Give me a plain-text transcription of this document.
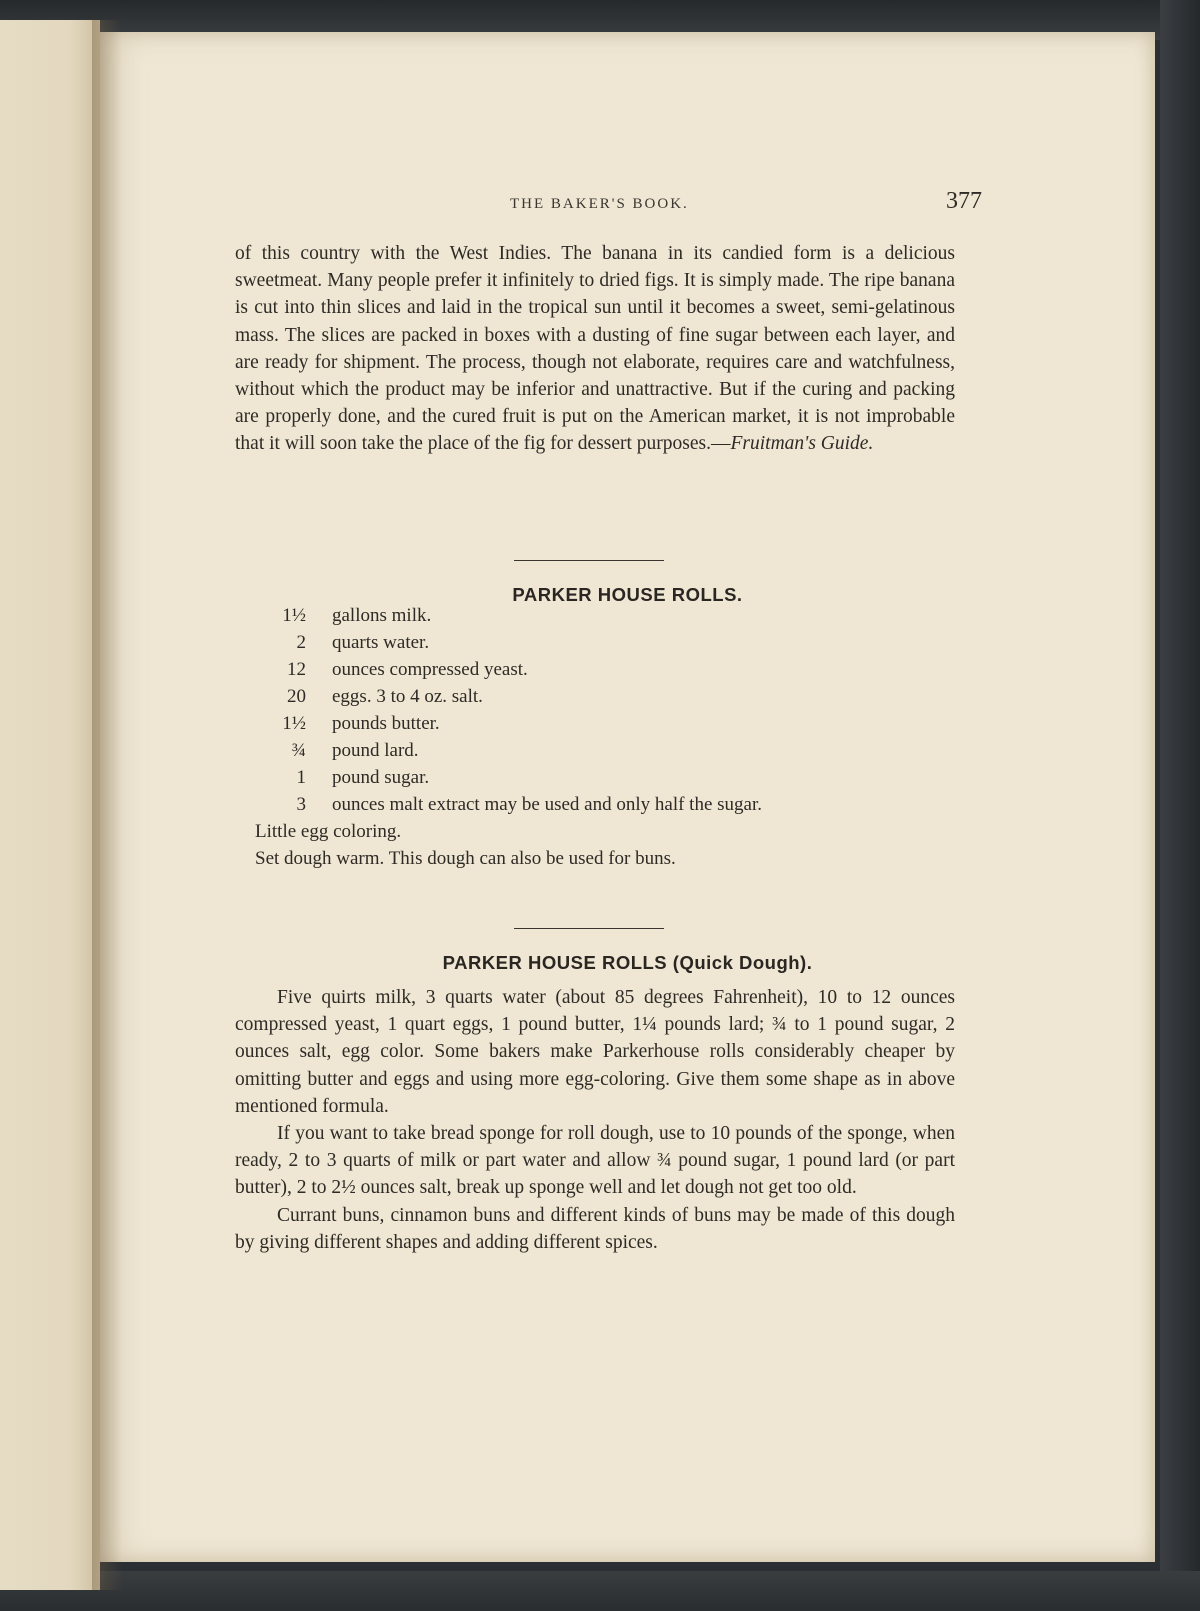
THE BAKER'S BOOK.	377

of this country with the West Indies. The banana in its candied form is a delicious sweetmeat. Many people prefer it infinitely to dried figs. It is simply made. The ripe banana is cut into thin slices and laid in the tropical sun until it becomes a sweet, semi-gelatinous mass. The slices are packed in boxes with a dusting of fine sugar between each layer, and are ready for shipment. The process, though not elaborate, requires care and watchfulness, without which the product may be inferior and unattractive. But if the curing and packing are properly done, and the cured fruit is put on the American market, it is not improbable that it will soon take the place of the fig for dessert purposes.—Fruitman's Guide.

PARKER HOUSE ROLLS.
1½ gallons milk.
2 quarts water.
12 ounces compressed yeast.
20 eggs. 3 to 4 oz. salt.
1½ pounds butter.
¾ pound lard.
1 pound sugar.
3 ounces malt extract may be used and only half the sugar.
Little egg coloring.
Set dough warm. This dough can also be used for buns.
PARKER HOUSE ROLLS (Quick Dough).

Five quirts milk, 3 quarts water (about 85 degrees Fahrenheit), 10 to 12 ounces compressed yeast, 1 quart eggs, 1 pound butter, 1¼ pounds lard; ¾ to 1 pound sugar, 2 ounces salt, egg color. Some bakers make Parkerhouse rolls considerably cheaper by omitting butter and eggs and using more egg-coloring. Give them some shape as in above mentioned formula.

If you want to take bread sponge for roll dough, use to 10 pounds of the sponge, when ready, 2 to 3 quarts of milk or part water and allow ¾ pound sugar, 1 pound lard (or part butter), 2 to 2½ ounces salt, break up sponge well and let dough not get too old.

Currant buns, cinnamon buns and different kinds of buns may be made of this dough by giving different shapes and adding different spices.
